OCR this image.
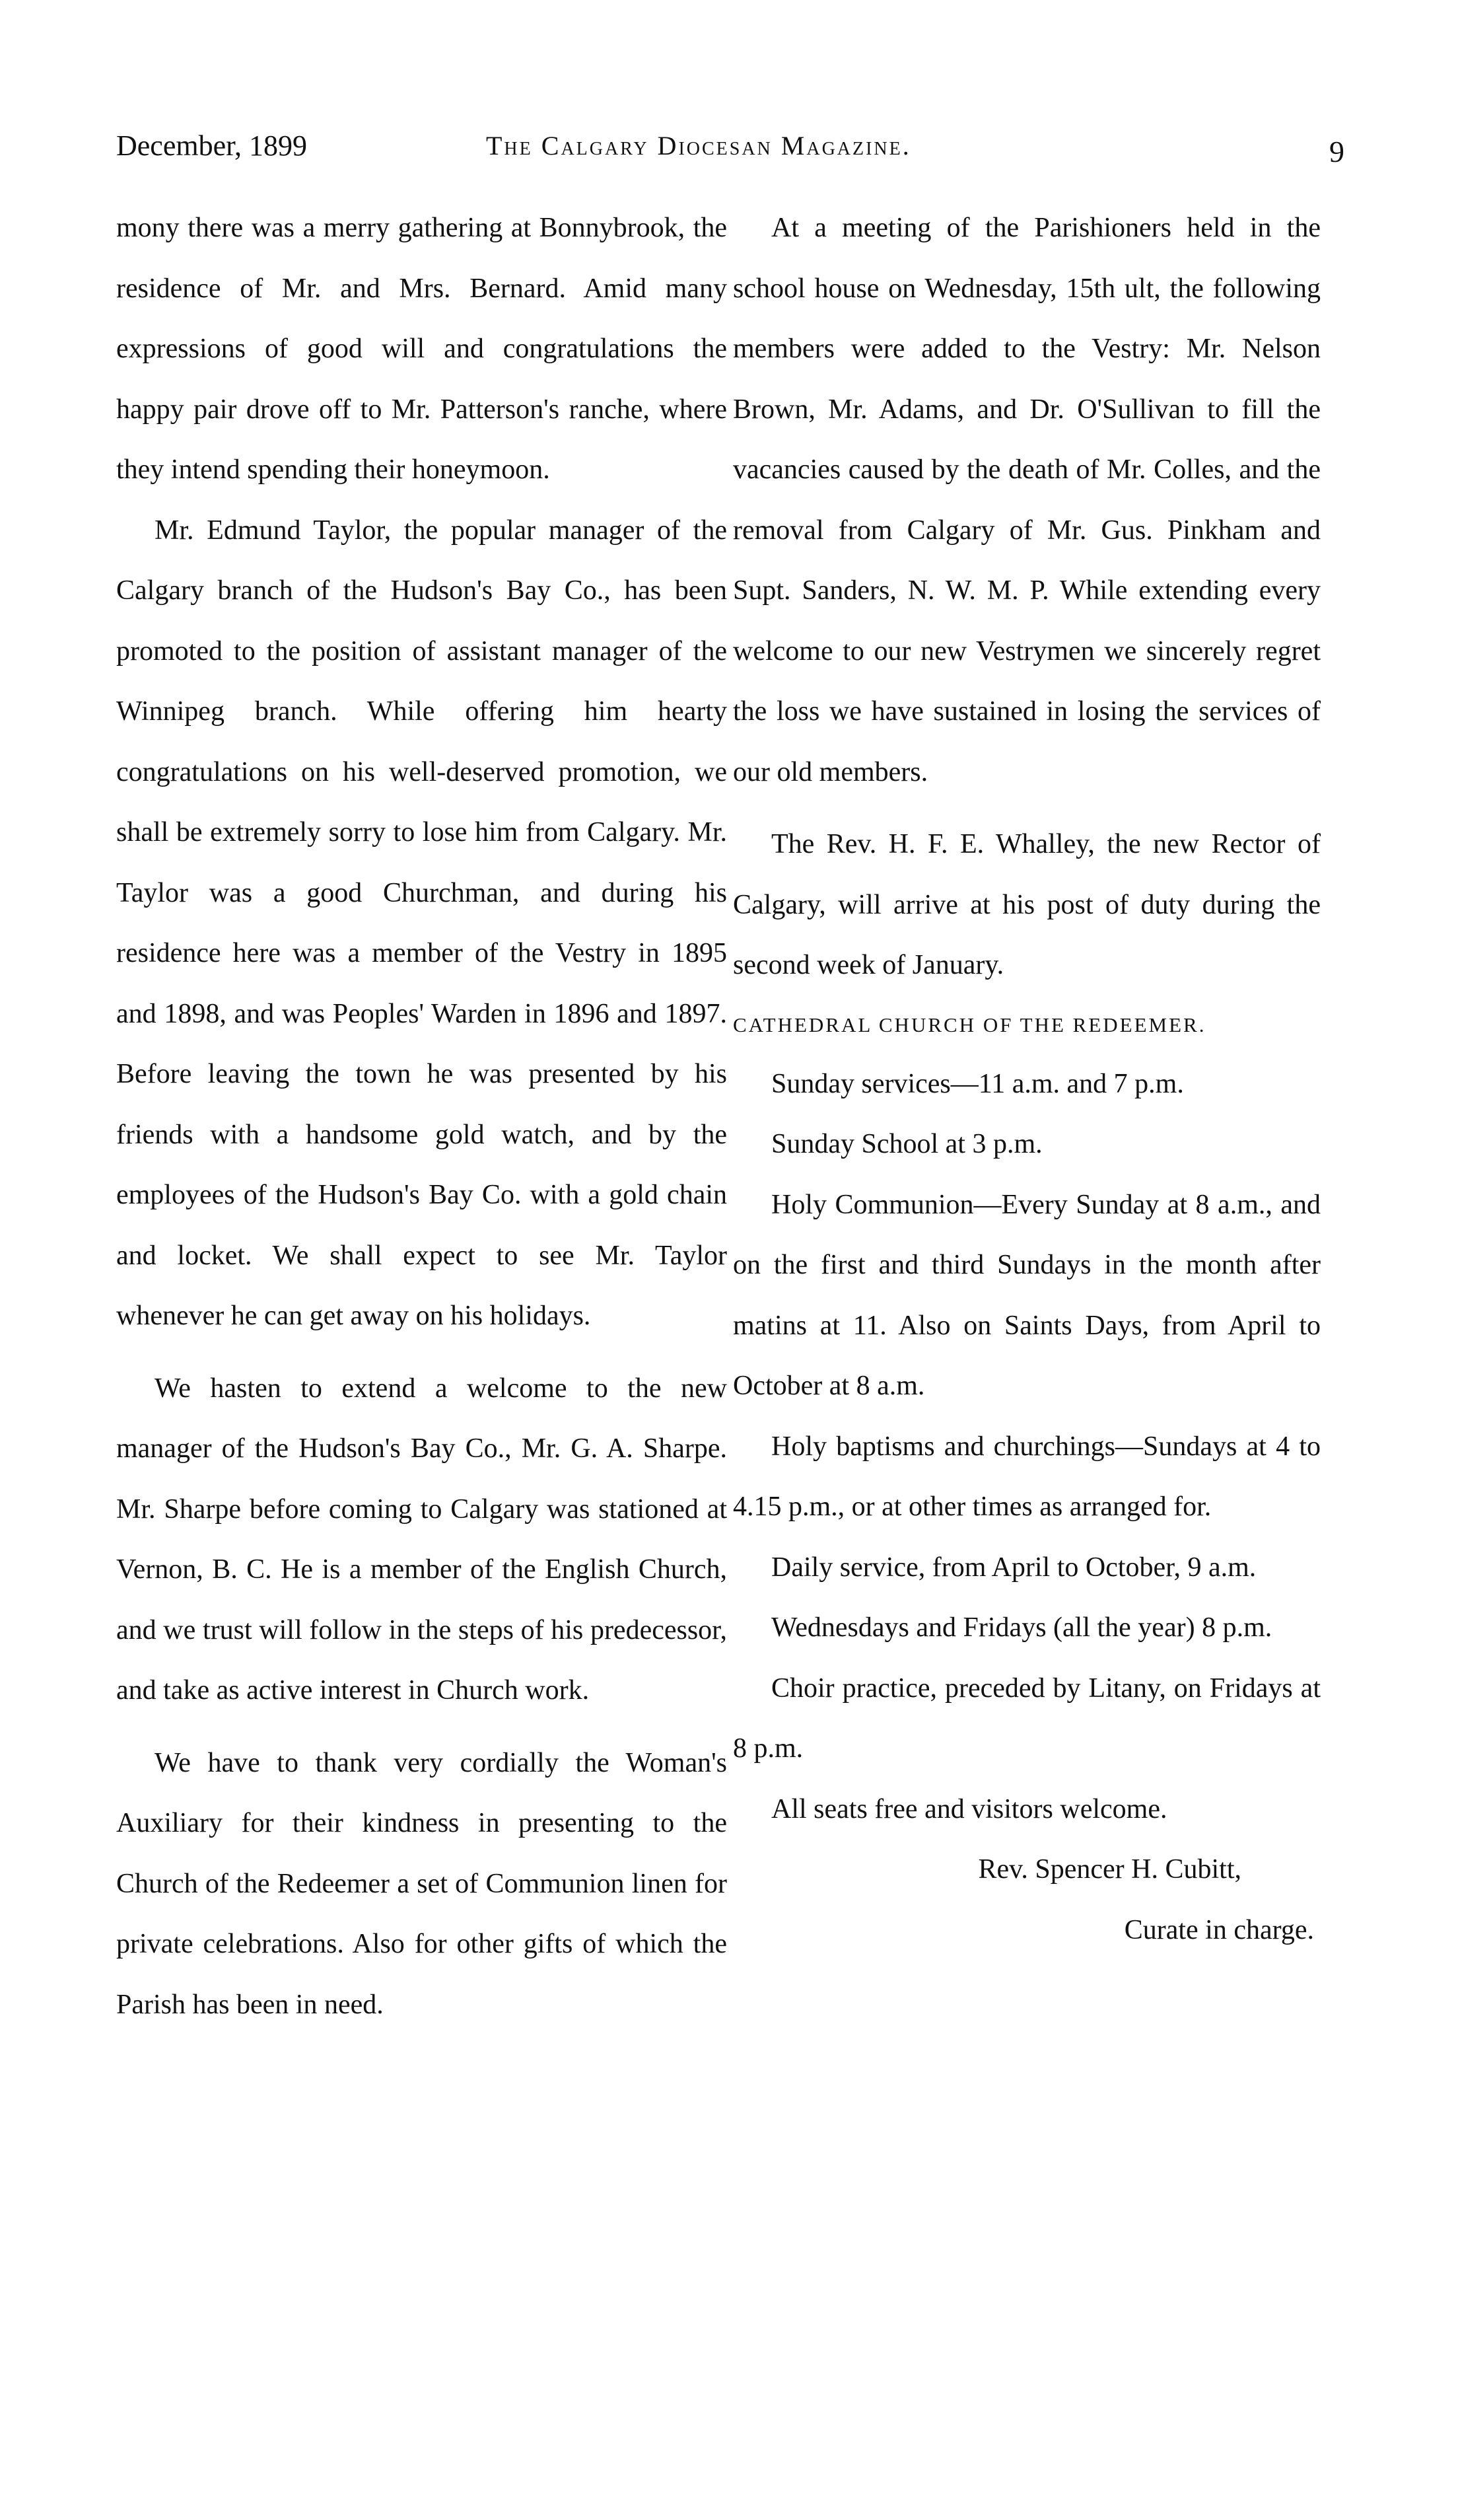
December, 1899	The Calgary Diocesan Magazine.	9

mony there was a merry gathering at Bonnybrook, the residence of Mr. and Mrs. Bernard. Amid many expressions of good will and congratulations the happy pair drove off to Mr. Patterson's ranche, where they intend spending their honeymoon.

Mr. Edmund Taylor, the popular manager of the Calgary branch of the Hudson's Bay Co., has been promoted to the position of assistant manager of the Winnipeg branch. While offering him hearty congratulations on his well-deserved promotion, we shall be extremely sorry to lose him from Calgary. Mr. Taylor was a good Churchman, and during his residence here was a member of the Vestry in 1895 and 1898, and was Peoples' Warden in 1896 and 1897. Before leaving the town he was presented by his friends with a handsome gold watch, and by the employees of the Hudson's Bay Co. with a gold chain and locket. We shall expect to see Mr. Taylor whenever he can get away on his holidays.

We hasten to extend a welcome to the new manager of the Hudson's Bay Co., Mr. G. A. Sharpe. Mr. Sharpe before coming to Calgary was stationed at Vernon, B. C. He is a member of the English Church, and we trust will follow in the steps of his predecessor, and take as active interest in Church work.

We have to thank very cordially the Woman's Auxiliary for their kindness in presenting to the Church of the Redeemer a set of Communion linen for private celebrations. Also for other gifts of which the Parish has been in need.

At a meeting of the Parishioners held in the school house on Wednesday, 15th ult, the following members were added to the Vestry: Mr. Nelson Brown, Mr. Adams, and Dr. O'Sullivan to fill the vacancies caused by the death of Mr. Colles, and the removal from Calgary of Mr. Gus. Pinkham and Supt. Sanders, N. W. M. P. While extending every welcome to our new Vestrymen we sincerely regret the loss we have sustained in losing the services of our old members.

The Rev. H. F. E. Whalley, the new Rector of Calgary, will arrive at his post of duty during the second week of January.

CATHEDRAL CHURCH OF THE REDEEMER.

Sunday services—11 a.m. and 7 p.m.

Sunday School at 3 p.m.

Holy Communion—Every Sunday at 8 a.m., and on the first and third Sundays in the month after matins at 11. Also on Saints Days, from April to October at 8 a.m.

Holy baptisms and churchings—Sundays at 4 to 4.15 p.m., or at other times as arranged for.

Daily service, from April to October, 9 a.m.

Wednesdays and Fridays (all the year) 8 p.m.

Choir practice, preceded by Litany, on Fridays at 8 p.m.

All seats free and visitors welcome.

Rev. Spencer H. Cubitt,

Curate in charge.
